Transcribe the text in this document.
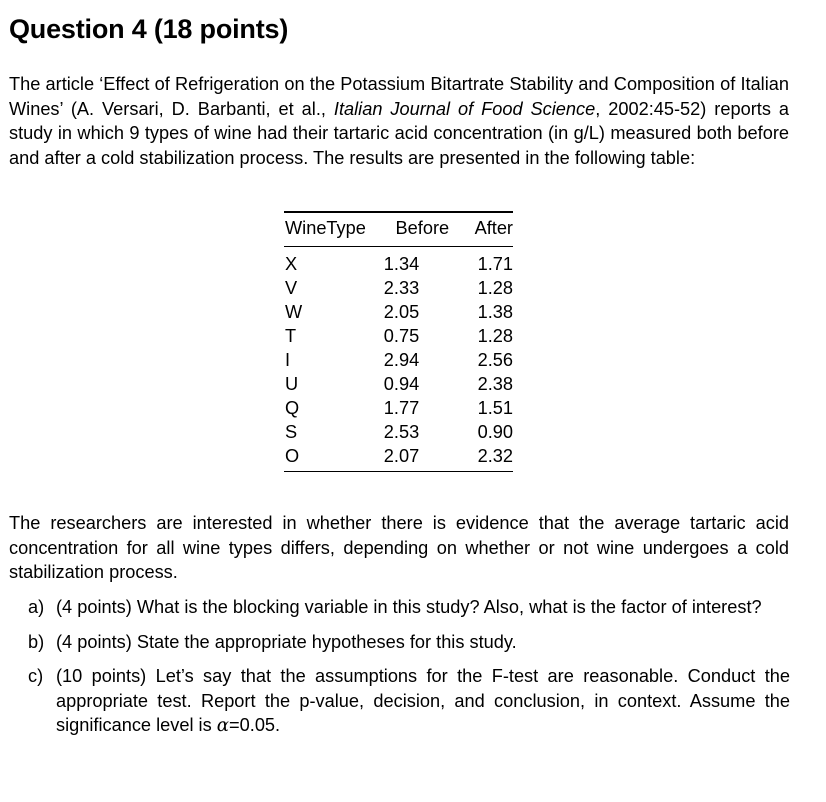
Question 4 (18 points)

The article ‘Effect of Refrigeration on the Potassium Bitartrate Stability and Composition of Italian Wines’ (A. Versari, D. Barbanti, et al., Italian Journal of Food Science, 2002:45-52) reports a study in which 9 types of wine had their tartaric acid concentration (in g/L) measured both before and after a cold stabilization process. The results are presented in the following table:

WineType	Before	After
X	1.34	1.71
V	2.33	1.28
W	2.05	1.38
T	0.75	1.28
I	2.94	2.56
U	0.94	2.38
Q	1.77	1.51
S	2.53	0.90
O	2.07	2.32

The researchers are interested in whether there is evidence that the average tartaric acid concentration for all wine types differs, depending on whether or not wine undergoes a cold stabilization process.

a) (4 points) What is the blocking variable in this study? Also, what is the factor of interest?
b) (4 points) State the appropriate hypotheses for this study.
c) (10 points) Let’s say that the assumptions for the F-test are reasonable. Conduct the appropriate test. Report the p-value, decision, and conclusion, in context. Assume the significance level is α=0.05.
